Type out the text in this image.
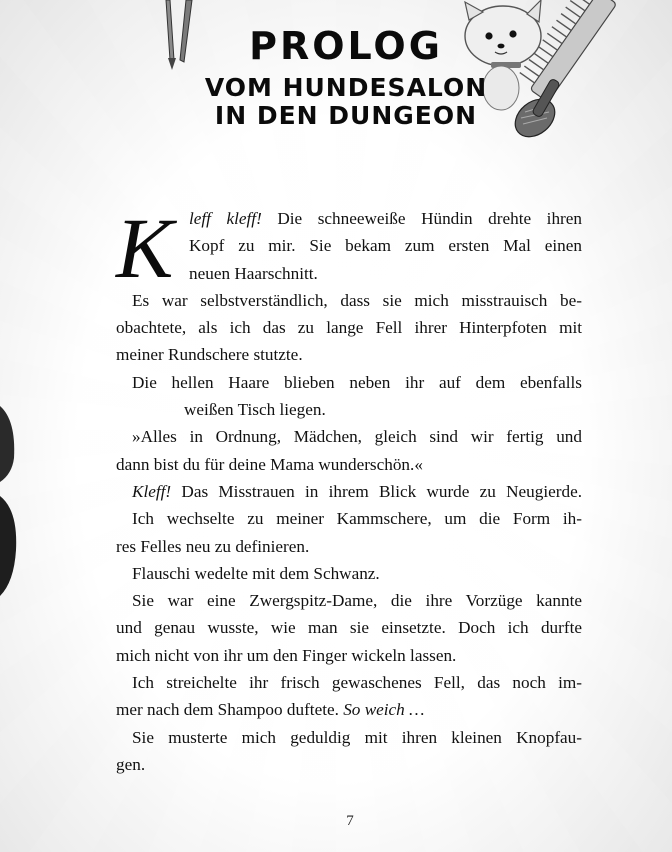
PROLOG
VOM HUNDESALON
IN DEN DUNGEON
K leff kleff! Die schneeweiße Hündin drehte ihren
Kopf zu mir. Sie bekam zum ersten Mal einen
neuen Haarschnitt.
Es war selbstverständlich, dass sie mich misstrauisch be-
obachtete, als ich das zu lange Fell ihrer Hinterpfoten mit
meiner Rundschere stutzte.
Die hellen Haare blieben neben ihr auf dem ebenfalls
weißen Tisch liegen.
»Alles in Ordnung, Mädchen, gleich sind wir fertig und
dann bist du für deine Mama wunderschön.«
Kleff! Das Misstrauen in ihrem Blick wurde zu Neugierde.
Ich wechselte zu meiner Kammschere, um die Form ih-
res Felles neu zu definieren.
Flauschi wedelte mit dem Schwanz.
Sie war eine Zwergspitz-Dame, die ihre Vorzüge kannte
und genau wusste, wie man sie einsetzte. Doch ich durfte
mich nicht von ihr um den Finger wickeln lassen.
Ich streichelte ihr frisch gewaschenes Fell, das noch im-
mer nach dem Shampoo duftete. So weich …
Sie musterte mich geduldig mit ihren kleinen Knopfau-
gen.
7
